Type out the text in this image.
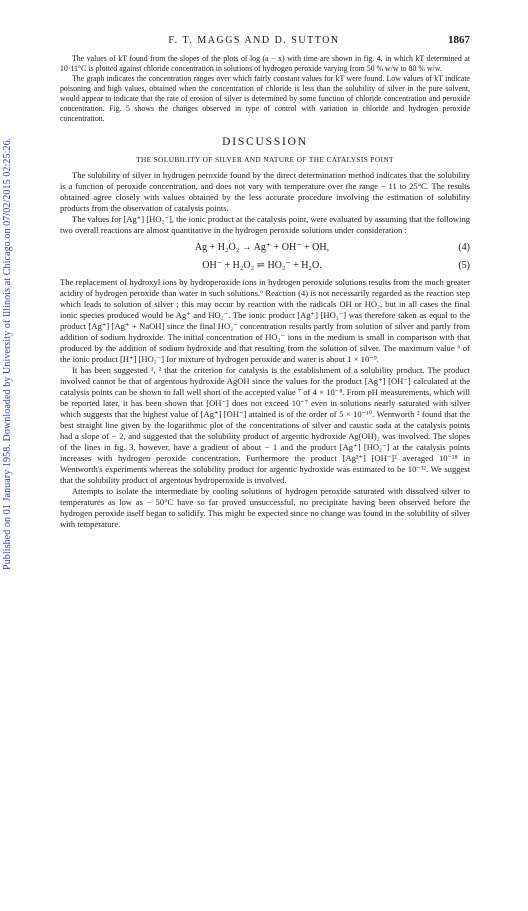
Published on 01 January 1958. Downloaded by University of Illinois at Chicago on 07/02/2015 02:25:26.
F. T. MAGGS AND D. SUTTON	1867

The values of kT found from the slopes of the plots of log (a − x) with time are shown in fig. 4, in which kT determined at 10·11°C is plotted against chloride concentration in solutions of hydrogen peroxide varying from 50 % w/w to 80 % w/w.

The graph indicates the concentration ranges over which fairly constant values for kT were found. Low values of kT indicate poisoning and high values, obtained when the concentration of chloride is less than the solubility of silver in the pure solvent, would appear to indicate that the rate of erosion of silver is determined by some function of chloride concentration and peroxide concentration. Fig. 5 shows the changes observed in type of control with variation in chloride and hydrogen peroxide concentration.

DISCUSSION
THE SOLUBILITY OF SILVER AND NATURE OF THE CATALYSIS POINT

The solubility of silver in hydrogen peroxide found by the direct determination method indicates that the solubility is a function of peroxide concentration, and does not vary with temperature over the range − 11 to 25°C. The results obtained agree closely with values obtained by the less accurate procedure involving the estimation of solubility products from the observation of catalysis points.

The values for [Ag⁺] [HO₂⁻], the ionic product at the catalysis point, were evaluated by assuming that the following two overall reactions are almost quantitative in the hydrogen peroxide solutions under consideration :

Ag + H₂O₂ → Ag⁺ + OH⁻ + OH,	(4)
OH⁻ + H₂O₂ ⇌ HO₂⁻ + H₂O.	(5)

The replacement of hydroxyl ions by hydroperoxide ions in hydrogen peroxide solutions results from the much greater acidity of hydrogen peroxide than water in such solutions.⁶ Reaction (4) is not necessarily regarded as the reaction step which leads to solution of silver ; this may occur by reaction with the radicals OH or HO₂, but in all cases the final ionic species produced would be Ag⁺ and HO₂⁻. The ionic product [Ag⁺] [HO₂⁻] was therefore taken as equal to the product [Ag⁺] [Ag⁺ + NaOH] since the final HO₂⁻ concentration results partly from solution of silver and partly from addition of sodium hydroxide. The initial concentration of HO₂⁻ ions in the medium is small in comparison with that produced by the addition of sodium hydroxide and that resulting from the solution of silver. The maximum value ⁶ of the ionic product [H⁺] [HO₂⁻] for mixture of hydrogen peroxide and water is about 1 × 10⁻⁹.

It has been suggested ¹, ² that the criterion for catalysis is the establishment of a solubility product. The product involved cannot be that of argentous hydroxide AgOH since the values for the product [Ag⁺] [OH⁻] calculated at the catalysis points can be shown to fall well short of the accepted value ⁷ of 4 × 10⁻⁸. From pH measurements, which will be reported later, it has been shown that [OH⁻] does not exceed 10⁻⁷ even in solutions nearly saturated with silver which suggests that the highest value of [Ag⁺] [OH⁻] attained is of the order of 5 × 10⁻¹⁰. Wentworth ² found that the best straight line given by the logarithmic plot of the concentrations of silver and caustic soda at the catalysis points had a slope of − 2, and suggested that the solubility product of argentic hydroxide Ag(OH)₂ was involved. The slopes of the lines in fig. 3, however, have a gradient of about − 1 and the product [Ag⁺] [HO₂⁻] at the catalysis points increases with hydrogen peroxide concentration. Furthermore the product [Ag²⁺] [OH⁻]² averaged 10⁻²⁸ in Wentworth's experiments whereas the solubility product for argentic hydroxide was estimated to be 10⁻³². We suggest that the solubility product of argentous hydroperoxide is involved.

Attempts to isolate the intermediate by cooling solutions of hydrogen peroxide saturated with dissolved silver to temperatures as low as − 50°C have so far proved unsuccessful, no precipitate having been observed before the hydrogen peroxide itself began to solidify. This might be expected since no change was found in the solubility of silver with temperature.
